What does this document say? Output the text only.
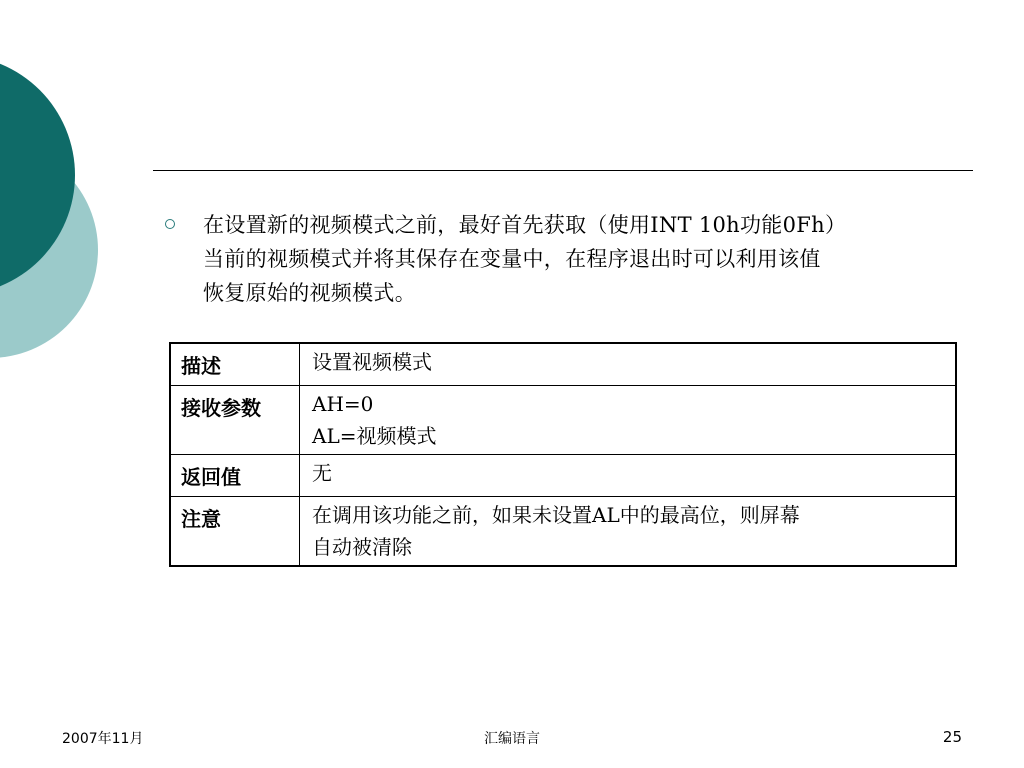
在设置新的视频模式之前，最好首先获取（使用INT 10h功能0Fh）
当前的视频模式并将其保存在变量中，在程序退出时可以利用该值
恢复原始的视频模式。
描述	设置视频模式

接收参数	AH=0
AL=视频模式

返回值	无

注意	在调用该功能之前，如果未设置AL中的最高位，则屏幕
自动被清除
2007年11月	汇编语言	25
